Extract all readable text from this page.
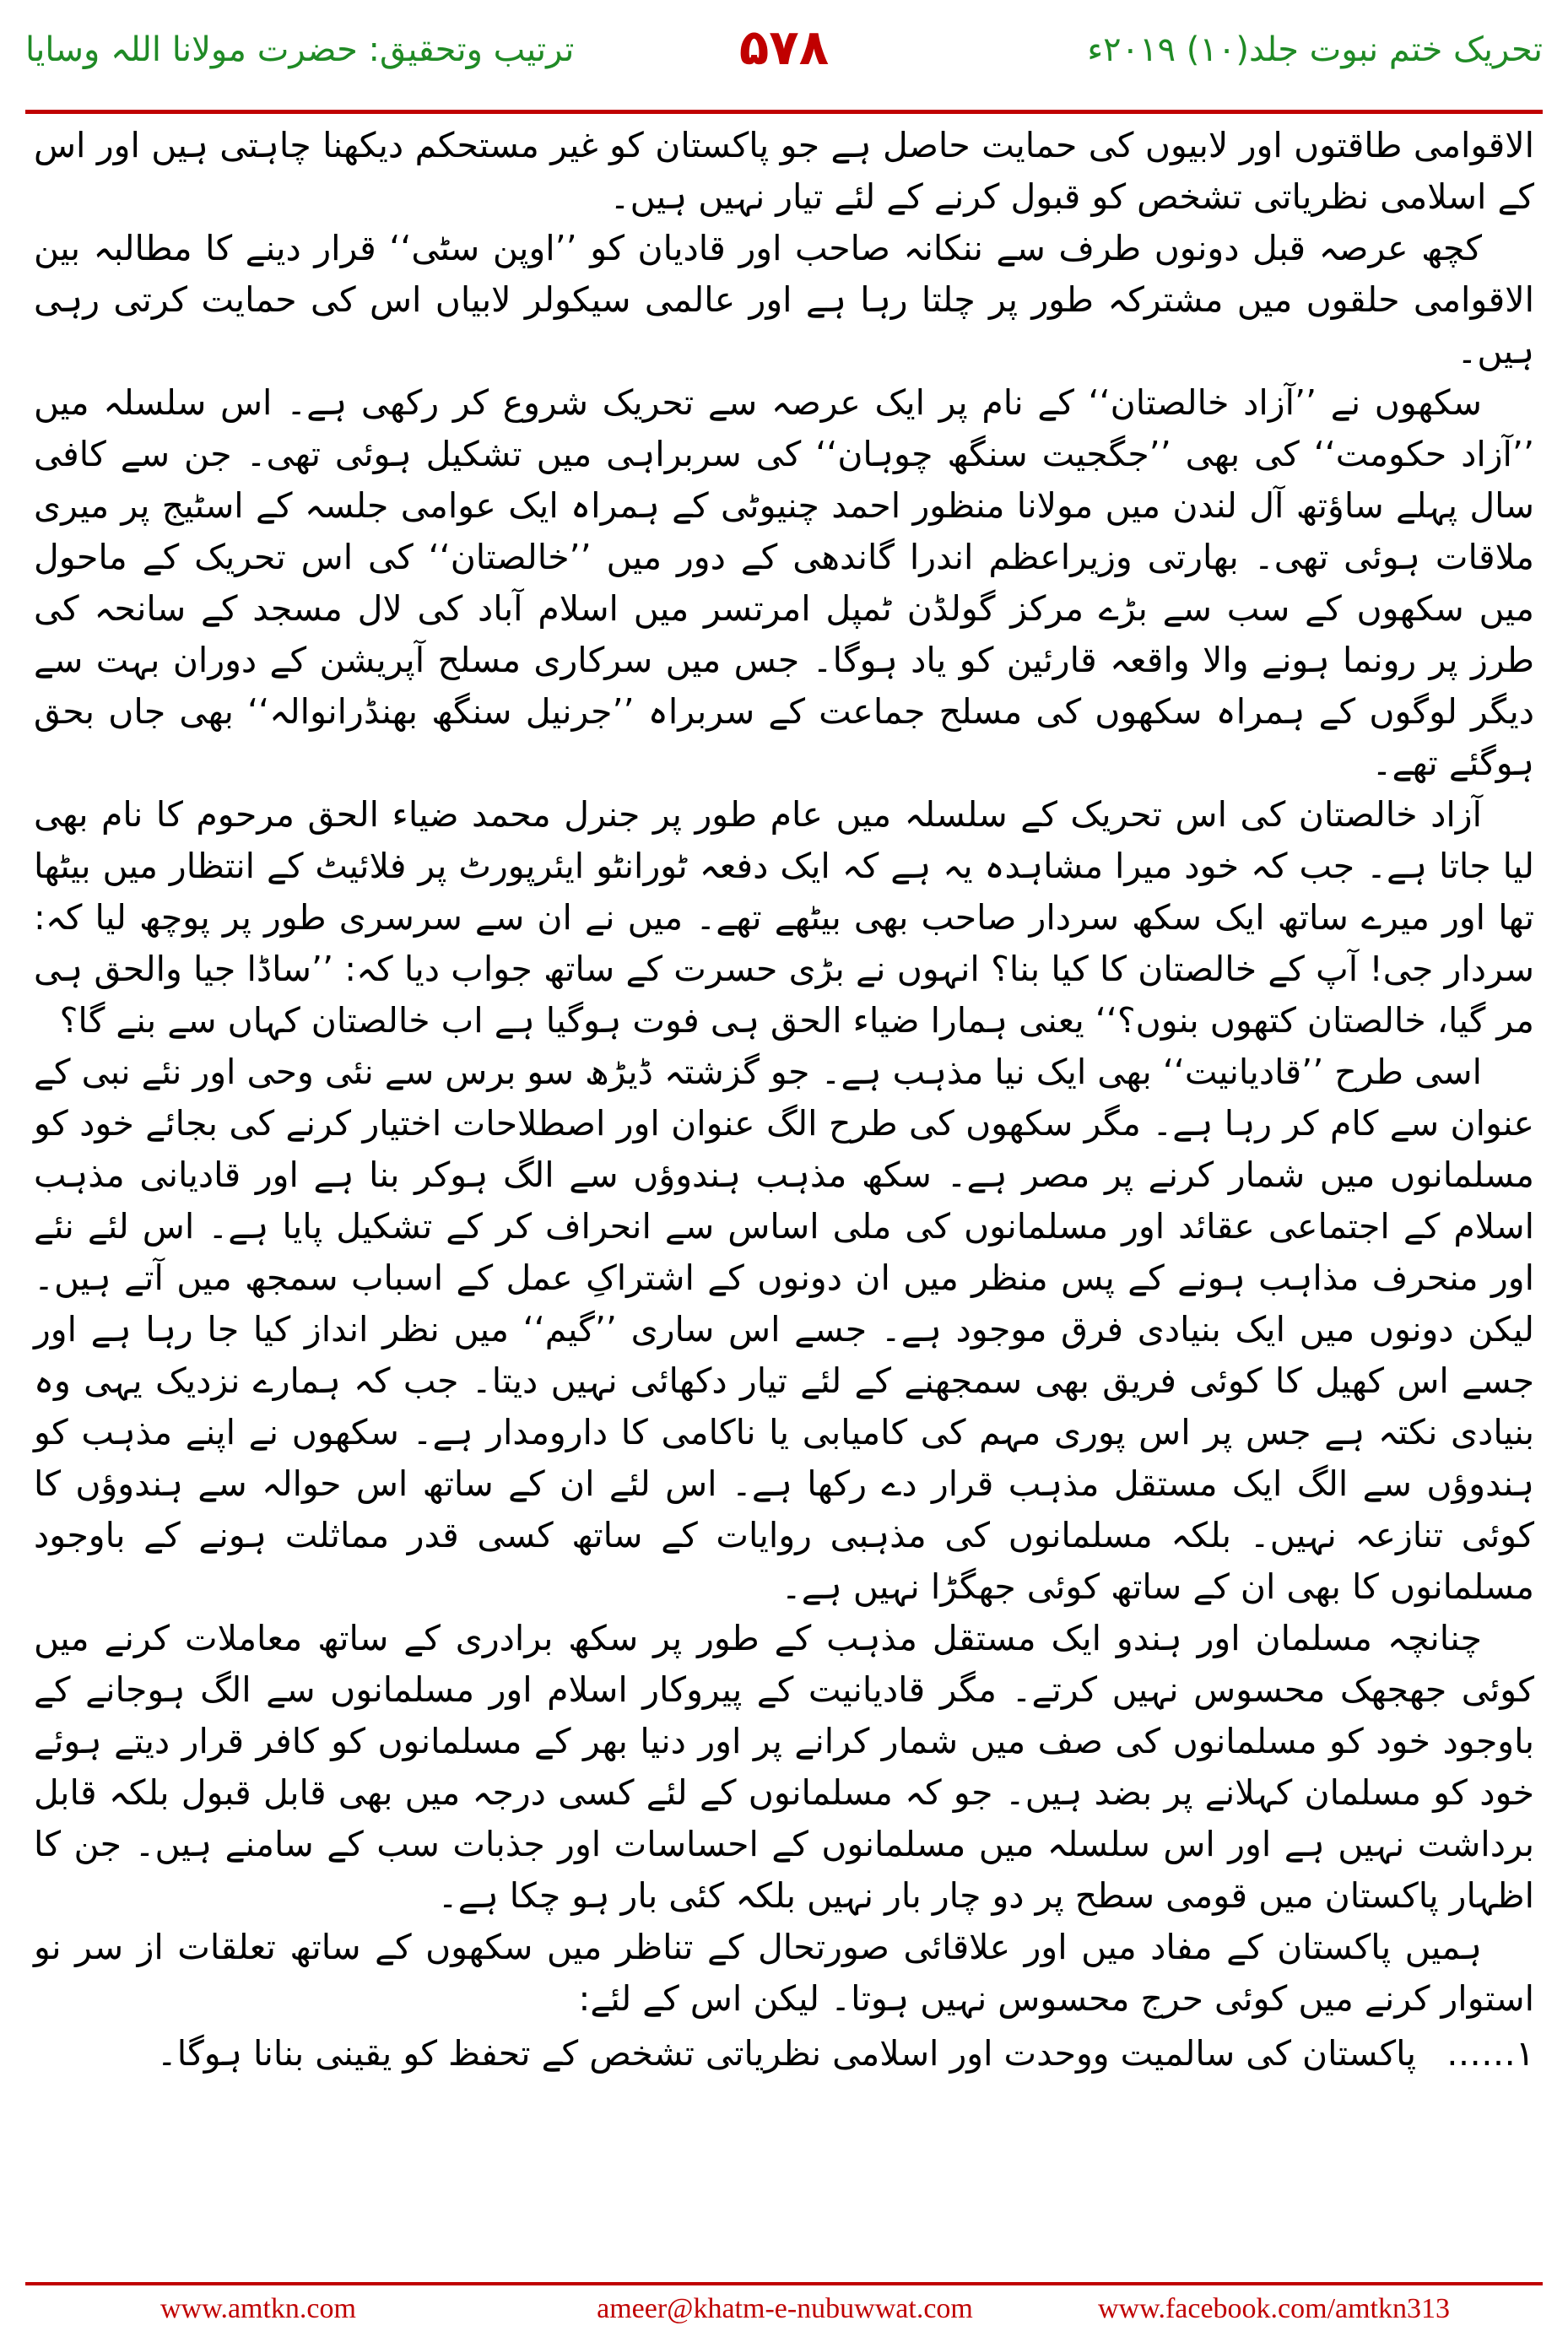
ترتیب وتحقیق: حضرت مولانا اللہ وسایا	۵۷۸	تحریک ختم نبوت جلد(۱۰) ۲۰۱۹ء

الاقوامی طاقتوں اور لابیوں کی حمایت حاصل ہے جو پاکستان کو غیر مستحکم دیکھنا چاہتی ہیں اور اس کے اسلامی نظریاتی تشخص کو قبول کرنے کے لئے تیار نہیں ہیں۔

کچھ عرصہ قبل دونوں طرف سے ننکانہ صاحب اور قادیان کو ’’اوپن سٹی‘‘ قرار دینے کا مطالبہ بین الاقوامی حلقوں میں مشترکہ طور پر چلتا رہا ہے اور عالمی سیکولر لابیاں اس کی حمایت کرتی رہی ہیں۔

سکھوں نے ’’آزاد خالصتان‘‘ کے نام پر ایک عرصہ سے تحریک شروع کر رکھی ہے۔ اس سلسلہ میں ’’آزاد حکومت‘‘ کی بھی ’’جگجیت سنگھ چوہان‘‘ کی سربراہی میں تشکیل ہوئی تھی۔ جن سے کافی سال پہلے ساؤتھ آل لندن میں مولانا منظور احمد چنیوٹی کے ہمراہ ایک عوامی جلسہ کے اسٹیج پر میری ملاقات ہوئی تھی۔ بھارتی وزیراعظم اندرا گاندھی کے دور میں ’’خالصتان‘‘ کی اس تحریک کے ماحول میں سکھوں کے سب سے بڑے مرکز گولڈن ٹمپل امرتسر میں اسلام آباد کی لال مسجد کے سانحہ کی طرز پر رونما ہونے والا واقعہ قارئین کو یاد ہوگا۔ جس میں سرکاری مسلح آپریشن کے دوران بہت سے دیگر لوگوں کے ہمراہ سکھوں کی مسلح جماعت کے سربراہ ’’جرنیل سنگھ بھنڈرانوالہ‘‘ بھی جاں بحق ہوگئے تھے۔

آزاد خالصتان کی اس تحریک کے سلسلہ میں عام طور پر جنرل محمد ضیاء الحق مرحوم کا نام بھی لیا جاتا ہے۔ جب کہ خود میرا مشاہدہ یہ ہے کہ ایک دفعہ ٹورانٹو ایئرپورٹ پر فلائیٹ کے انتظار میں بیٹھا تھا اور میرے ساتھ ایک سکھ سردار صاحب بھی بیٹھے تھے۔ میں نے ان سے سرسری طور پر پوچھ لیا کہ: سردار جی! آپ کے خالصتان کا کیا بنا؟ انہوں نے بڑی حسرت کے ساتھ جواب دیا کہ: ’’ساڈا جیا والحق ہی مر گیا، خالصتان کتھوں بنوں؟‘‘ یعنی ہمارا ضیاء الحق ہی فوت ہوگیا ہے اب خالصتان کہاں سے بنے گا؟

اسی طرح ’’قادیانیت‘‘ بھی ایک نیا مذہب ہے۔ جو گزشتہ ڈیڑھ سو برس سے نئی وحی اور نئے نبی کے عنوان سے کام کر رہا ہے۔ مگر سکھوں کی طرح الگ عنوان اور اصطلاحات اختیار کرنے کی بجائے خود کو مسلمانوں میں شمار کرنے پر مصر ہے۔ سکھ مذہب ہندوؤں سے الگ ہوکر بنا ہے اور قادیانی مذہب اسلام کے اجتماعی عقائد اور مسلمانوں کی ملی اساس سے انحراف کر کے تشکیل پایا ہے۔ اس لئے نئے اور منحرف مذاہب ہونے کے پس منظر میں ان دونوں کے اشتراکِ عمل کے اسباب سمجھ میں آتے ہیں۔ لیکن دونوں میں ایک بنیادی فرق موجود ہے۔ جسے اس ساری ’’گیم‘‘ میں نظر انداز کیا جا رہا ہے اور جسے اس کھیل کا کوئی فریق بھی سمجھنے کے لئے تیار دکھائی نہیں دیتا۔ جب کہ ہمارے نزدیک یہی وہ بنیادی نکتہ ہے جس پر اس پوری مہم کی کامیابی یا ناکامی کا دارومدار ہے۔ سکھوں نے اپنے مذہب کو ہندوؤں سے الگ ایک مستقل مذہب قرار دے رکھا ہے۔ اس لئے ان کے ساتھ اس حوالہ سے ہندوؤں کا کوئی تنازعہ نہیں۔ بلکہ مسلمانوں کی مذہبی روایات کے ساتھ کسی قدر مماثلت ہونے کے باوجود مسلمانوں کا بھی ان کے ساتھ کوئی جھگڑا نہیں ہے۔

چنانچہ مسلمان اور ہندو ایک مستقل مذہب کے طور پر سکھ برادری کے ساتھ معاملات کرنے میں کوئی جھجھک محسوس نہیں کرتے۔ مگر قادیانیت کے پیروکار اسلام اور مسلمانوں سے الگ ہوجانے کے باوجود خود کو مسلمانوں کی صف میں شمار کرانے پر اور دنیا بھر کے مسلمانوں کو کافر قرار دیتے ہوئے خود کو مسلمان کہلانے پر بضد ہیں۔ جو کہ مسلمانوں کے لئے کسی درجہ میں بھی قابل قبول بلکہ قابل برداشت نہیں ہے اور اس سلسلہ میں مسلمانوں کے احساسات اور جذبات سب کے سامنے ہیں۔ جن کا اظہار پاکستان میں قومی سطح پر دو چار بار نہیں بلکہ کئی بار ہو چکا ہے۔

ہمیں پاکستان کے مفاد میں اور علاقائی صورتحال کے تناظر میں سکھوں کے ساتھ تعلقات از سر نو استوار کرنے میں کوئی حرج محسوس نہیں ہوتا۔ لیکن اس کے لئے:

۱……
پاکستان کی سالمیت ووحدت اور اسلامی نظریاتی تشخص کے تحفظ کو یقینی بنانا ہوگا۔
www.amtkn.com	ameer@khatm-e-nubuwwat.com	www.facebook.com/amtkn313
